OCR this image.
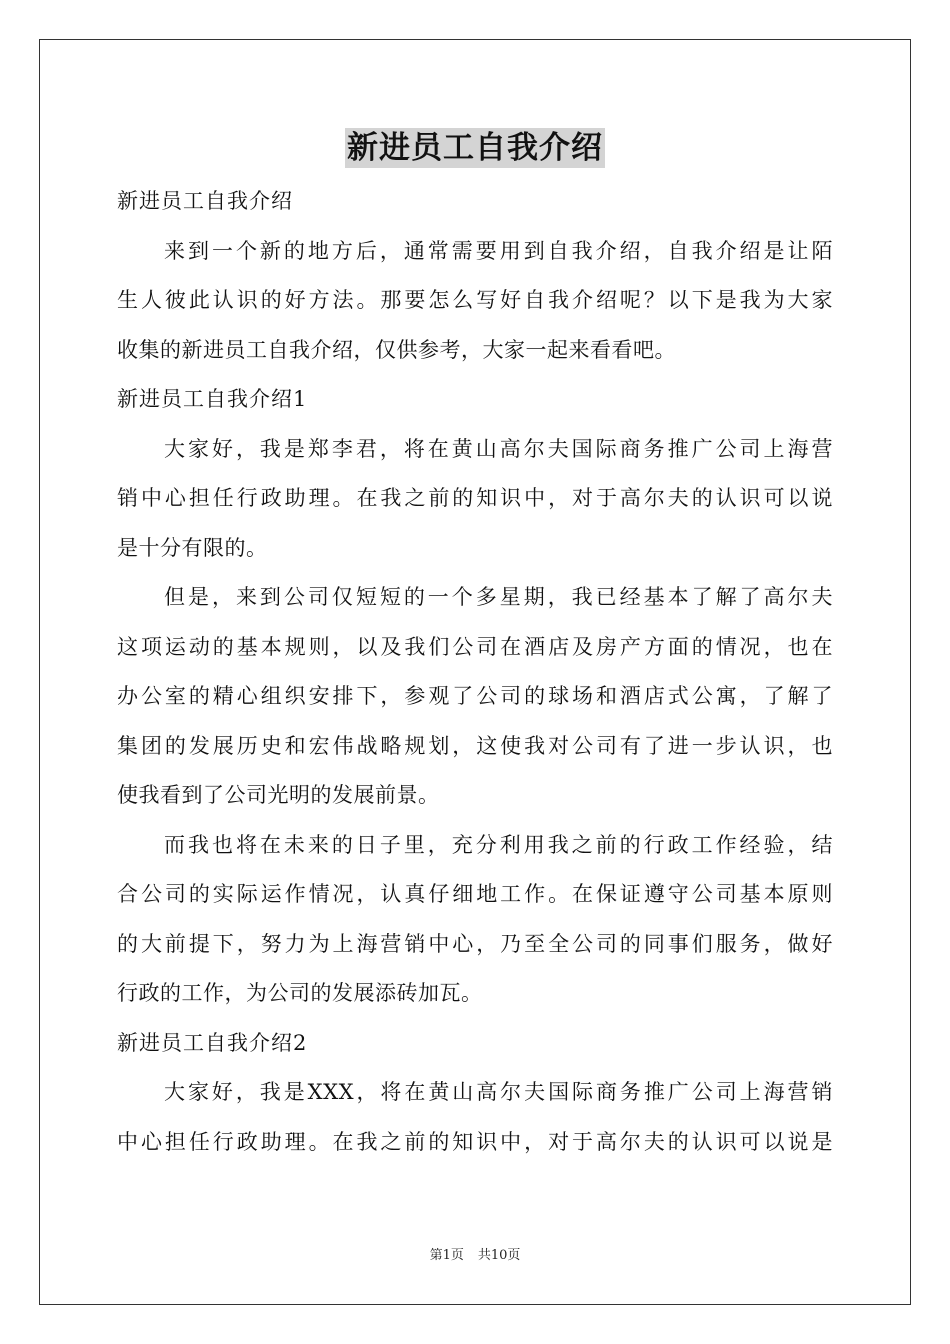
新进员工自我介绍
新进员工自我介绍
来到一个新的地方后，通常需要用到自我介绍，自我介绍是让陌
生人彼此认识的好方法。那要怎么写好自我介绍呢？以下是我为大家
收集的新进员工自我介绍，仅供参考，大家一起来看看吧。
新进员工自我介绍1
大家好，我是郑李君，将在黄山高尔夫国际商务推广公司上海营
销中心担任行政助理。在我之前的知识中，对于高尔夫的认识可以说
是十分有限的。
但是，来到公司仅短短的一个多星期，我已经基本了解了高尔夫
这项运动的基本规则，以及我们公司在酒店及房产方面的情况，也在
办公室的精心组织安排下，参观了公司的球场和酒店式公寓，了解了
集团的发展历史和宏伟战略规划，这使我对公司有了进一步认识，也
使我看到了公司光明的发展前景。
而我也将在未来的日子里，充分利用我之前的行政工作经验，结
合公司的实际运作情况，认真仔细地工作。在保证遵守公司基本原则
的大前提下，努力为上海营销中心，乃至全公司的同事们服务，做好
行政的工作，为公司的发展添砖加瓦。
新进员工自我介绍2
大家好，我是XXX，将在黄山高尔夫国际商务推广公司上海营销
中心担任行政助理。在我之前的知识中，对于高尔夫的认识可以说是
第1页 共10页
